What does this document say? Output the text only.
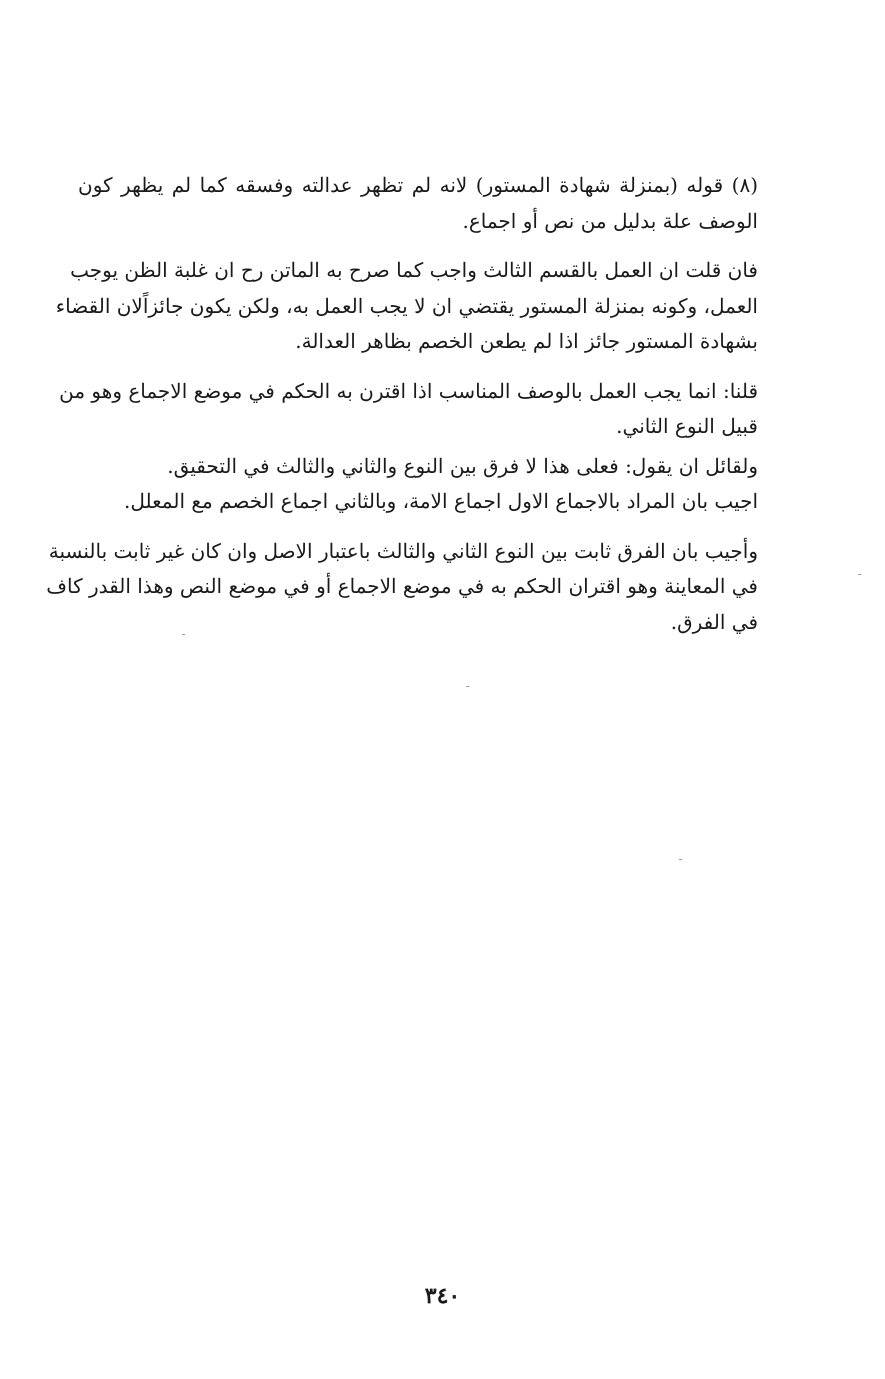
(٨) قوله (بمنزلة شهادة المستور) لانه لم تظهر عدالته وفسقه كما لم يظهر كون
الوصف علة بدليل من نص أو اجماع.
فان قلت ان العمل بالقسم الثالث واجب كما صرح به الماتن رح ان غلبة الظن يوجب
العمل، وكونه بمنزلة المستور يقتضي ان لا يجب العمل به، ولكن يكون جائزاًلان القضاء
بشهادة المستور جائز اذا لم يطعن الخصم بظاهر العدالة.
قلنا: انما يجب العمل بالوصف المناسب اذا اقترن به الحكم في موضع الاجماع وهو من
قبيل النوع الثاني.
ولقائل ان يقول: فعلى هذا لا فرق بين النوع والثاني والثالث في التحقيق.
اجيب بان المراد بالاجماع الاول اجماع الامة، وبالثاني اجماع الخصم مع المعلل.
وأجيب بان الفرق ثابت بين النوع الثاني والثالث باعتبار الاصل وان كان غير ثابت بالنسبة
في المعاينة وهو اقتران الحكم به في موضع الاجماع أو في موضع النص وهذا القدر كاف
في الفرق.
٣٤٠
